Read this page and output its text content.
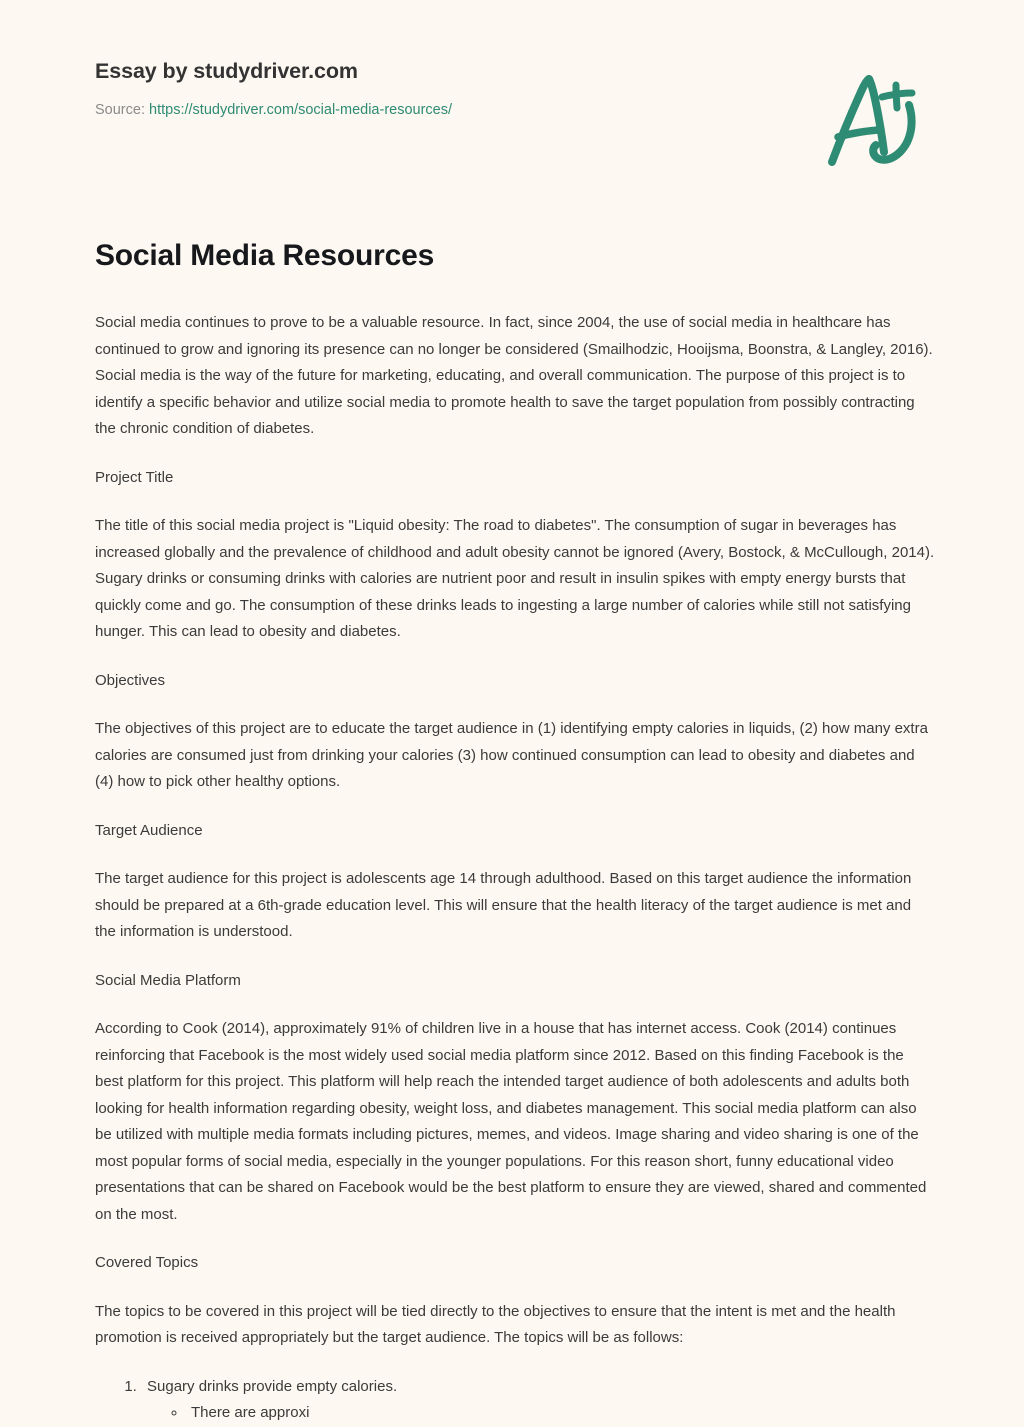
Essay by studydriver.com
Source: https://studydriver.com/social-media-resources/
Social Media Resources

Social media continues to prove to be a valuable resource. In fact, since 2004, the use of social media in healthcare has continued to grow and ignoring its presence can no longer be considered (Smailhodzic, Hooijsma, Boonstra, & Langley, 2016). Social media is the way of the future for marketing, educating, and overall communication. The purpose of this project is to identify a specific behavior and utilize social media to promote health to save the target population from possibly contracting the chronic condition of diabetes.

Project Title

The title of this social media project is "Liquid obesity: The road to diabetes". The consumption of sugar in beverages has increased globally and the prevalence of childhood and adult obesity cannot be ignored (Avery, Bostock, & McCullough, 2014). Sugary drinks or consuming drinks with calories are nutrient poor and result in insulin spikes with empty energy bursts that quickly come and go. The consumption of these drinks leads to ingesting a large number of calories while still not satisfying hunger. This can lead to obesity and diabetes.

Objectives

The objectives of this project are to educate the target audience in (1) identifying empty calories in liquids, (2) how many extra calories are consumed just from drinking your calories (3) how continued consumption can lead to obesity and diabetes and (4) how to pick other healthy options.

Target Audience

The target audience for this project is adolescents age 14 through adulthood. Based on this target audience the information should be prepared at a 6th-grade education level. This will ensure that the health literacy of the target audience is met and the information is understood.

Social Media Platform

According to Cook (2014), approximately 91% of children live in a house that has internet access. Cook (2014) continues reinforcing that Facebook is the most widely used social media platform since 2012. Based on this finding Facebook is the best platform for this project. This platform will help reach the intended target audience of both adolescents and adults both looking for health information regarding obesity, weight loss, and diabetes management. This social media platform can also be utilized with multiple media formats including pictures, memes, and videos. Image sharing and video sharing is one of the most popular forms of social media, especially in the younger populations. For this reason short, funny educational video presentations that can be shared on Facebook would be the best platform to ensure they are viewed, shared and commented on the most.

Covered Topics

The topics to be covered in this project will be tied directly to the objectives to ensure that the intent is met and the health promotion is received appropriately but the target audience. The topics will be as follows:

1. Sugary drinks provide empty calories.
◦ There are approxi
